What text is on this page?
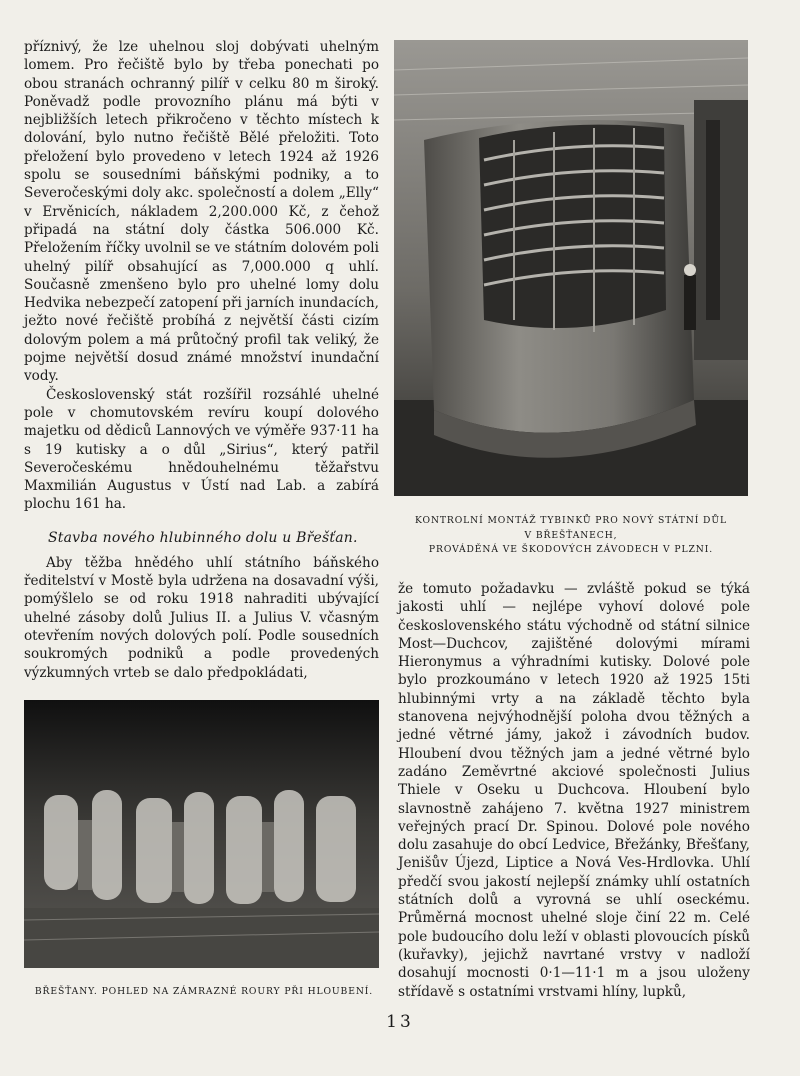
příznivý, že lze uhelnou sloj dobývati uhelným lomem. Pro řečiště bylo by třeba ponechati po obou stranách ochranný pilíř v celku 80 m široký. Poněvadž podle provozního plánu má býti v nejbližších letech přikročeno v těchto místech k dolování, bylo nutno řečiště Bělé přeložiti. Toto přeložení bylo provedeno v letech 1924 až 1926 spolu se sousedními báňskými podniky, a to Severočeskými doly akc. společností a dolem „Elly“ v Ervěnicích, nákladem 2,200.000 Kč, z čehož připadá na státní doly částka 506.000 Kč. Přeložením říčky uvolnil se ve státním dolovém poli uhelný pilíř obsahující as 7,000.000 q uhlí. Současně zmenšeno bylo pro uhelné lomy dolu Hedvika nebezpečí zatopení při jarních inundacích, ježto nové řečiště probíhá z největší části cizím dolovým polem a má průtočný profil tak veliký, že pojme největší dosud známé množství inundační vody.

Československý stát rozšířil rozsáhlé uhelné pole v chomutovském revíru koupí dolového majetku od dědiců Lannových ve výměře 937·11 ha s 19 kutisky a o důl „Sirius“, který patřil Severočeskému hnědouhelnému těžařstvu Maxmilián Augustus v Ústí nad Lab. a zabírá plochu 161 ha.

Stavba nového hlubinného dolu u Břešťan.

Aby těžba hnědého uhlí státního báňského ředitelství v Mostě byla udržena na dosavadní výši, pomýšlelo se od roku 1918 nahraditi ubývající uhelné zásoby dolů Julius II. a Julius V. včasným otevřením nových dolových polí. Podle sousedních soukromých podniků a podle provedených výzkumných vrteb se dalo předpokládati,

KONTROLNÍ MONTÁŽ TYBINKŮ PRO NOVÝ STÁTNÍ DŮL
V BŘEŠŤANECH,
PROVÁDĚNÁ VE ŠKODOVÝCH ZÁVODECH V PLZNI.

že tomuto požadavku — zvláště pokud se týká jakosti uhlí — nejlépe vyhoví dolové pole československého státu východně od státní silnice Most—Duchcov, zajištěné dolovými mírami Hieronymus a výhradními kutisky. Dolové pole bylo prozkoumáno v letech 1920 až 1925 15ti hlubinnými vrty a na základě těchto byla stanovena nejvýhodnější poloha dvou těžných a jedné větrné jámy, jakož i závodních budov. Hloubení dvou těžných jam a jedné větrné bylo zadáno Zeměvrtné akciové společnosti Julius Thiele v Oseku u Duchcova. Hloubení bylo slavnostně zahájeno 7. května 1927 ministrem veřejných prací Dr. Spinou. Dolové pole nového dolu zasahuje do obcí Ledvice, Břežánky, Břešťany, Jenišův Újezd, Liptice a Nová Ves-Hrdlovka. Uhlí předčí svou jakostí nejlepší známky uhlí ostatních státních dolů a vyrovná se uhlí oseckému. Průměrná mocnost uhelné sloje činí 22 m. Celé pole budoucího dolu leží v oblasti plovoucích písků (kuřavky), jejichž navrtané vrstvy v nadloží dosahují mocnosti 0·1—11·1 m a jsou uloženy střídavě s ostatními vrstvami hlíny, lupků,

BŘEŠŤANY. POHLED NA ZÁMRAZNÉ ROURY PŘI HLOUBENÍ.
13
